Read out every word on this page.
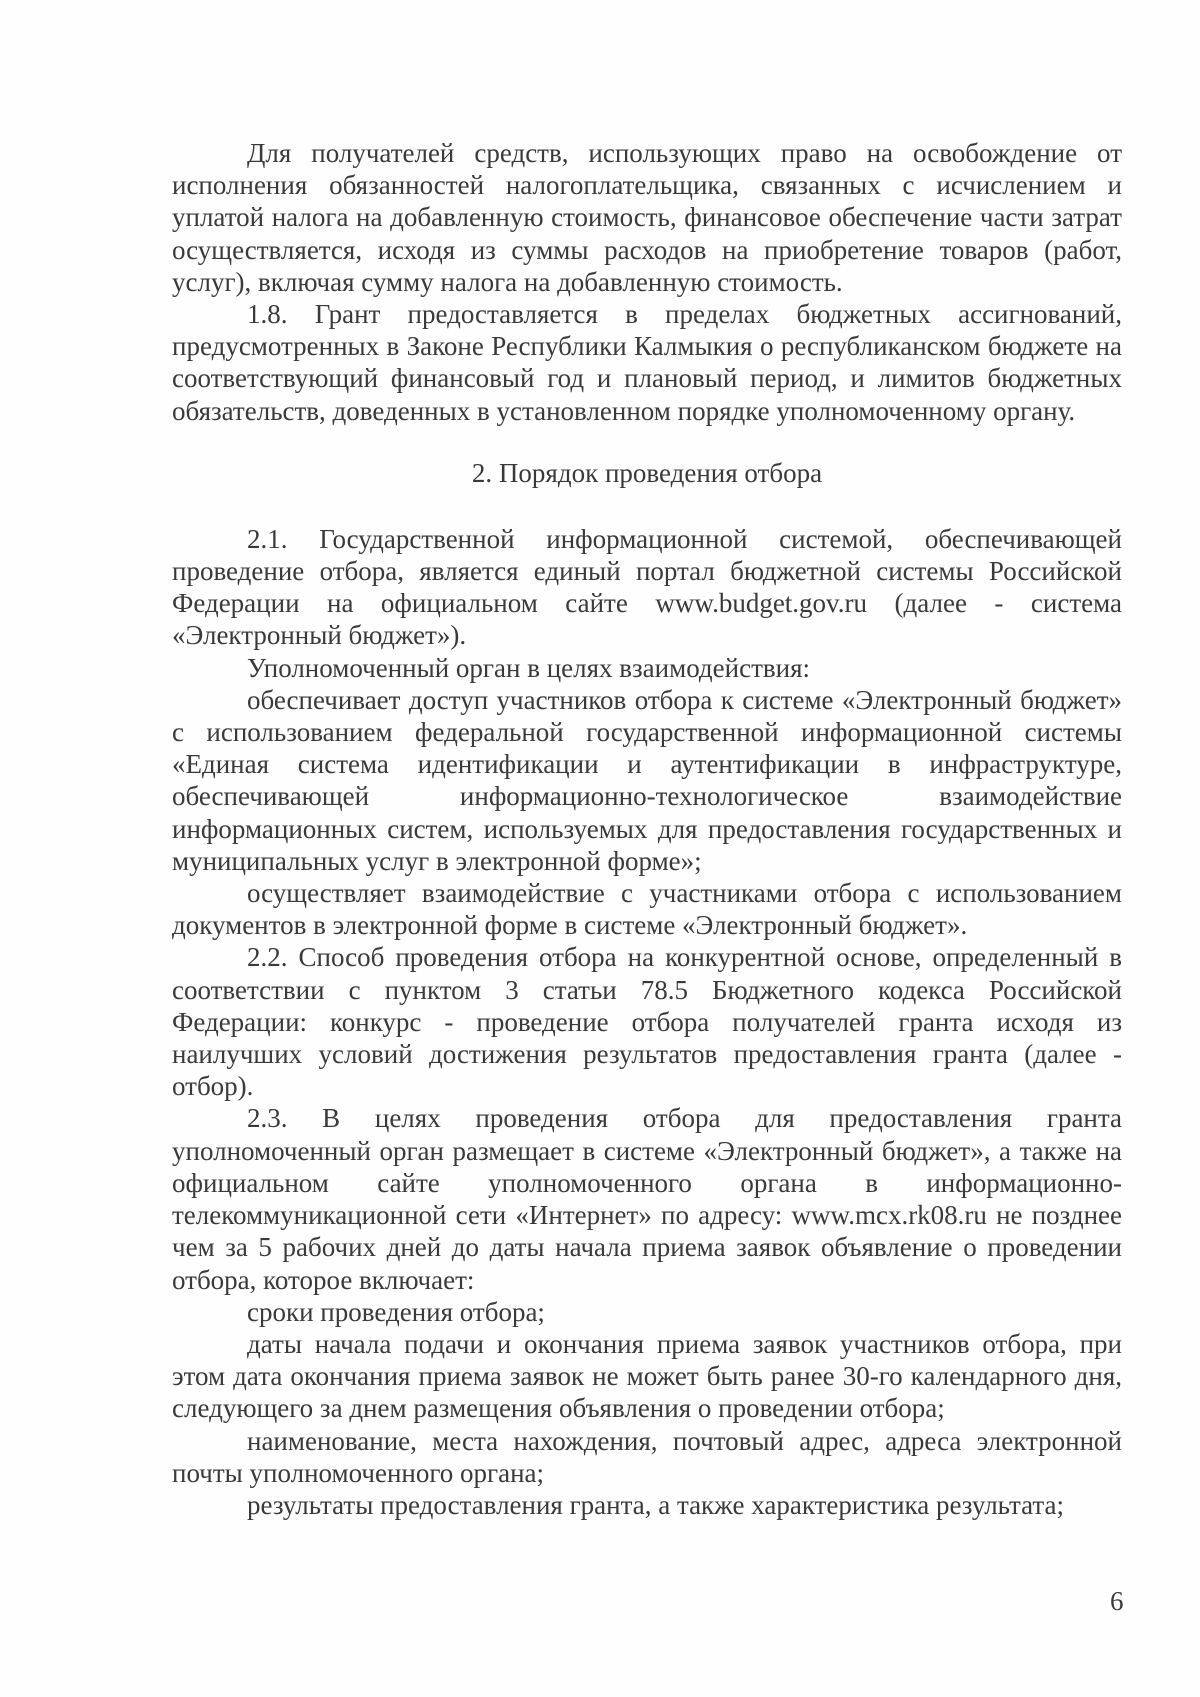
Для получателей средств, использующих право на освобождение от исполнения обязанностей налогоплательщика, связанных с исчислением и уплатой налога на добавленную стоимость, финансовое обеспечение части затрат осуществляется, исходя из суммы расходов на приобретение товаров (работ, услуг), включая сумму налога на добавленную стоимость.

1.8. Грант предоставляется в пределах бюджетных ассигнований, предусмотренных в Законе Республики Калмыкия о республиканском бюджете на соответствующий финансовый год и плановый период, и лимитов бюджетных обязательств, доведенных в установленном порядке уполномоченному органу.

2. Порядок проведения отбора

2.1. Государственной информационной системой, обеспечивающей проведение отбора, является единый портал бюджетной системы Российской Федерации на официальном сайте www.budget.gov.ru (далее - система «Электронный бюджет»).

Уполномоченный орган в целях взаимодействия:

обеспечивает доступ участников отбора к системе «Электронный бюджет» с использованием федеральной государственной информационной системы «Единая система идентификации и аутентификации в инфраструктуре, обеспечивающей информационно-технологическое взаимодействие информационных систем, используемых для предоставления государственных и муниципальных услуг в электронной форме»;

осуществляет взаимодействие с участниками отбора с использованием документов в электронной форме в системе «Электронный бюджет».

2.2. Способ проведения отбора на конкурентной основе, определенный в соответствии с пунктом 3 статьи 78.5 Бюджетного кодекса Российской Федерации: конкурс - проведение отбора получателей гранта исходя из наилучших условий достижения результатов предоставления гранта (далее - отбор).

2.3. В целях проведения отбора для предоставления гранта уполномоченный орган размещает в системе «Электронный бюджет», а также на официальном сайте уполномоченного органа в информационно-телекоммуникационной сети «Интернет» по адресу: www.mcx.rk08.ru не позднее чем за 5 рабочих дней до даты начала приема заявок объявление о проведении отбора, которое включает:

сроки проведения отбора;

даты начала подачи и окончания приема заявок участников отбора, при этом дата окончания приема заявок не может быть ранее 30-го календарного дня, следующего за днем размещения объявления о проведении отбора;

наименование, места нахождения, почтовый адрес, адреса электронной почты уполномоченного органа;

результаты предоставления гранта, а также характеристика результата;

6
